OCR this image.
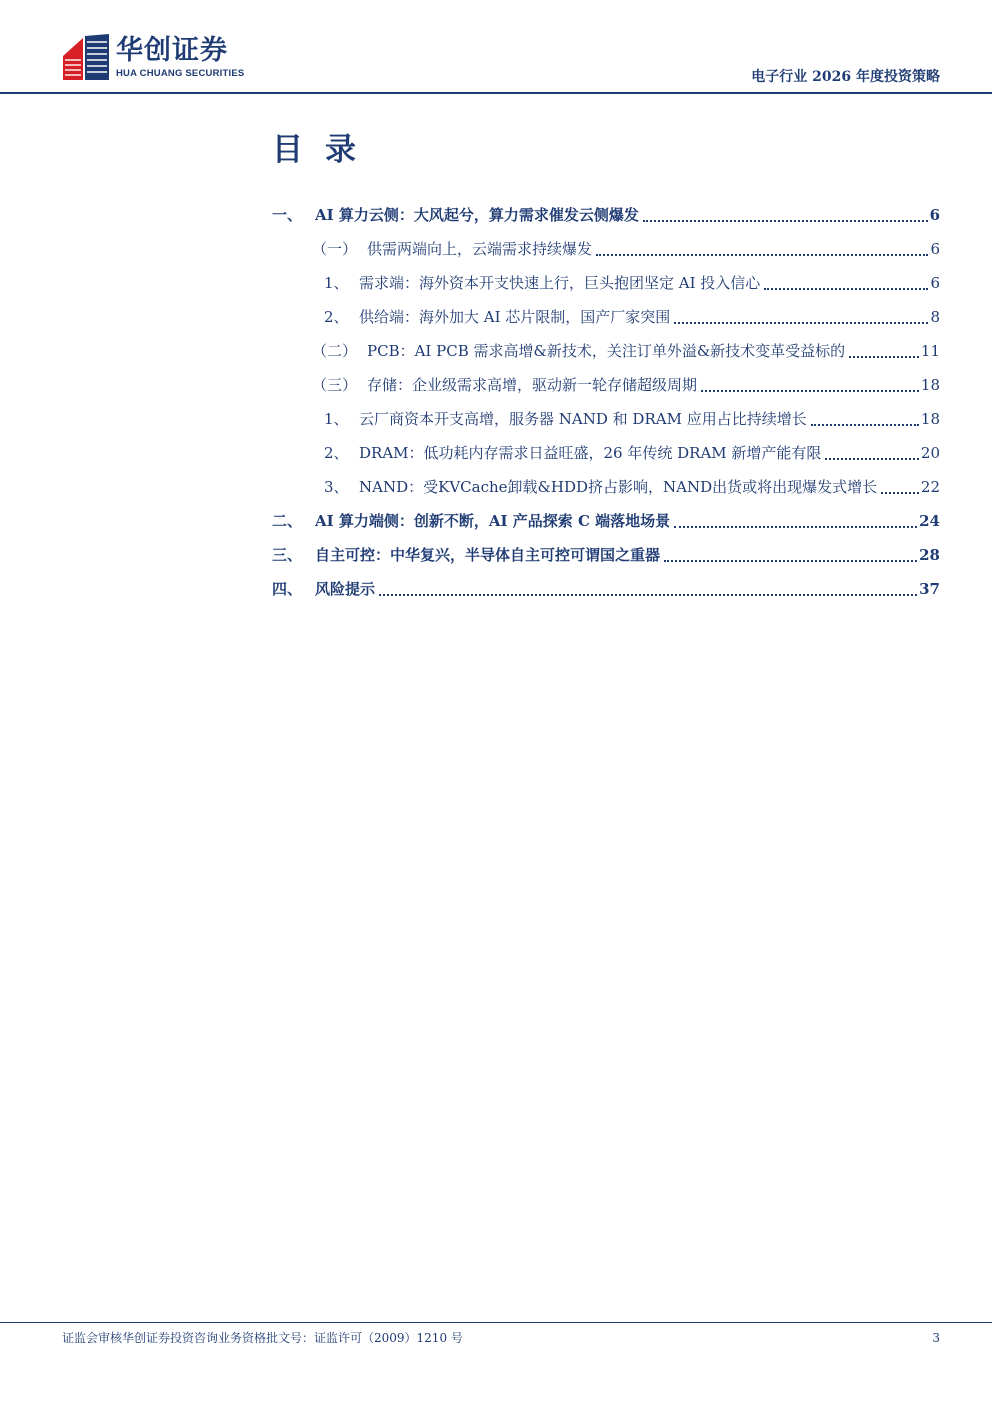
华创证券
HUA CHUANG SECURITIES	电子行业 2026 年度投资策略
目录
一、 AI 算力云侧：大风起兮，算力需求催发云侧爆发	6
（一） 供需两端向上，云端需求持续爆发	6
1、 需求端：海外资本开支快速上行，巨头抱团坚定 AI 投入信心	6
2、 供给端：海外加大 AI 芯片限制，国产厂家突围	8
（二） PCB：AI PCB 需求高增&新技术，关注订单外溢&新技术变革受益标的	11
（三） 存储：企业级需求高增，驱动新一轮存储超级周期	18
1、 云厂商资本开支高增，服务器 NAND 和 DRAM 应用占比持续增长	18
2、 DRAM：低功耗内存需求日益旺盛，26 年传统 DRAM 新增产能有限	20
3、 NAND：受KVCache卸载&HDD挤占影响，NAND出货或将出现爆发式增长	22
二、 AI 算力端侧：创新不断，AI 产品探索 C 端落地场景	24
三、 自主可控：中华复兴，半导体自主可控可谓国之重器	28
四、 风险提示	37
证监会审核华创证券投资咨询业务资格批文号：证监许可（2009）1210 号	3
